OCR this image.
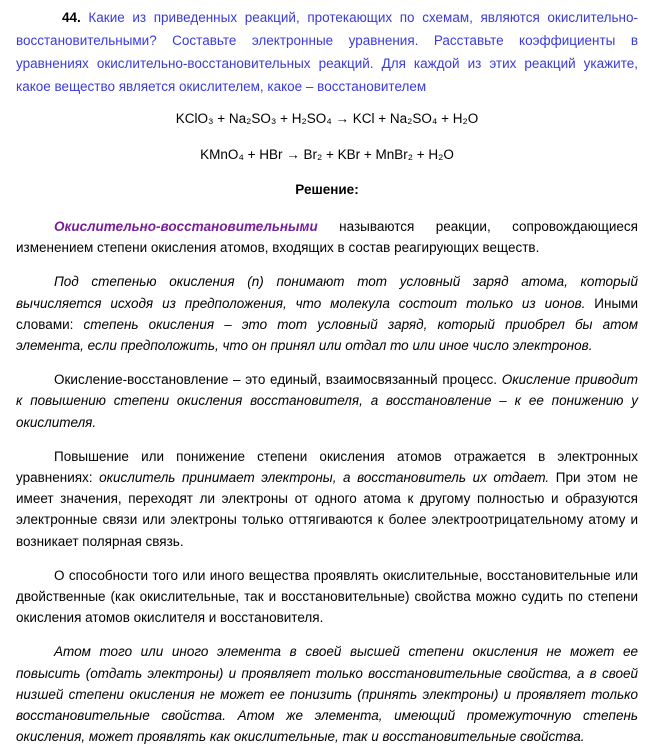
44. Какие из приведенных реакций, протекающих по схемам, являются окислительно-восстановительными? Составьте электронные уравнения. Расставьте коэффициенты в уравнениях окислительно-восстановительных реакций. Для каждой из этих реакций укажите, какое вещество является окислителем, какое – восстановителем

KClO₃ + Na₂SO₃ + H₂SO₄ → KCl + Na₂SO₄ + H₂O

KMnO₄ + HBr → Br₂ + KBr + MnBr₂ + H₂O

Решение:

Окислительно-восстановительными называются реакции, сопровождающиеся изменением степени окисления атомов, входящих в состав реагирующих веществ.

Под степенью окисления (n) понимают тот условный заряд атома, который вычисляется исходя из предположения, что молекула состоит только из ионов. Иными словами: степень окисления – это тот условный заряд, который приобрел бы атом элемента, если предположить, что он принял или отдал то или иное число электронов.

Окисление-восстановление – это единый, взаимосвязанный процесс. Окисление приводит к повышению степени окисления восстановителя, а восстановление – к ее понижению у окислителя.

Повышение или понижение степени окисления атомов отражается в электронных уравнениях: окислитель принимает электроны, а восстановитель их отдает. При этом не имеет значения, переходят ли электроны от одного атома к другому полностью и образуются электронные связи или электроны только оттягиваются к более электроотрицательному атому и возникает полярная связь.

О способности того или иного вещества проявлять окислительные, восстановительные или двойственные (как окислительные, так и восстановительные) свойства можно судить по степени окисления атомов окислителя и восстановителя.

Атом того или иного элемента в своей высшей степени окисления не может ее повысить (отдать электроны) и проявляет только восстановительные свойства, а в своей низшей степени окисления не может ее понизить (принять электроны) и проявляет только восстановительные свойства. Атом же элемента, имеющий промежуточную степень окисления, может проявлять как окислительные, так и восстановительные свойства.
